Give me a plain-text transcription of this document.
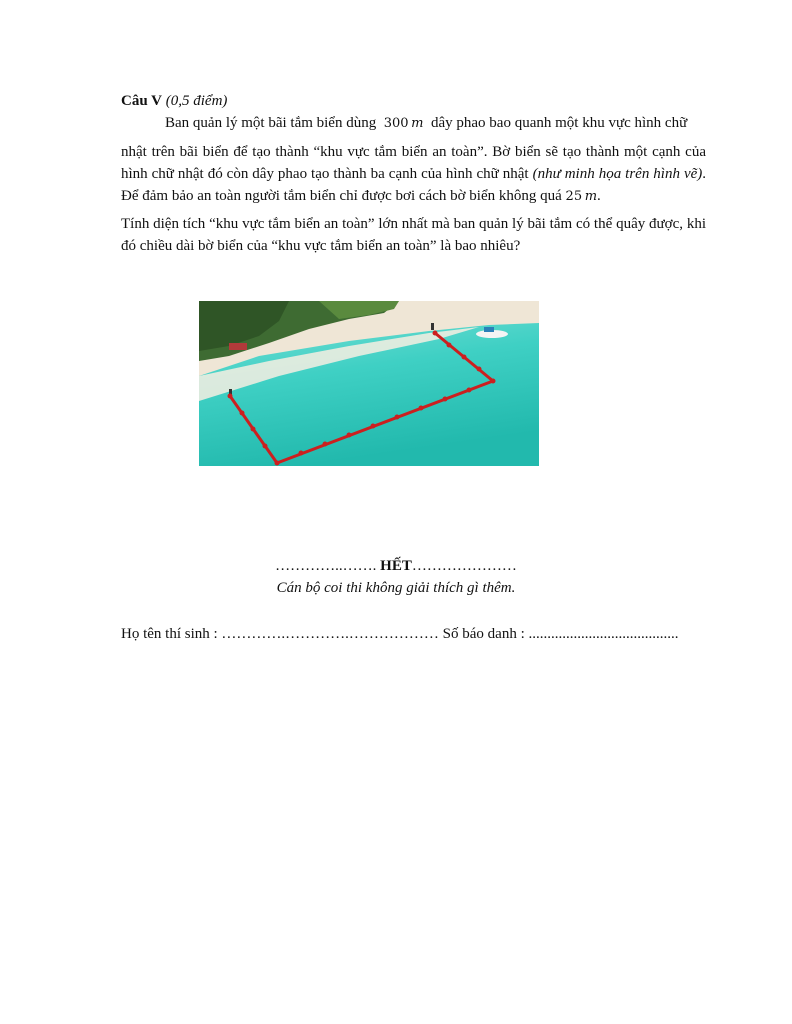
Câu V (0,5 điểm)
Ban quản lý một bãi tắm biển dùng 300  m dây phao bao quanh một khu vực hình chữ
nhật trên bãi biển để tạo thành “khu vực tắm biển an toàn”. Bờ biển sẽ tạo thành một cạnh của hình chữ nhật đó còn dây phao tạo thành ba cạnh của hình chữ nhật (như minh họa trên hình vẽ). Để đảm bảo an toàn người tắm biển chỉ được bơi cách bờ biển không quá 25  m.
Tính diện tích “khu vực tắm biển an toàn” lớn nhất mà ban quản lý bãi tắm có thể quây được, khi đó chiều dài bờ biển của “khu vực tắm biển an toàn” là bao nhiêu?
…………..……. HẾT…………………
Cán bộ coi thi không giải thích gì thêm.
Họ tên thí sinh : ………….………….……………… Số báo danh : ........................................
